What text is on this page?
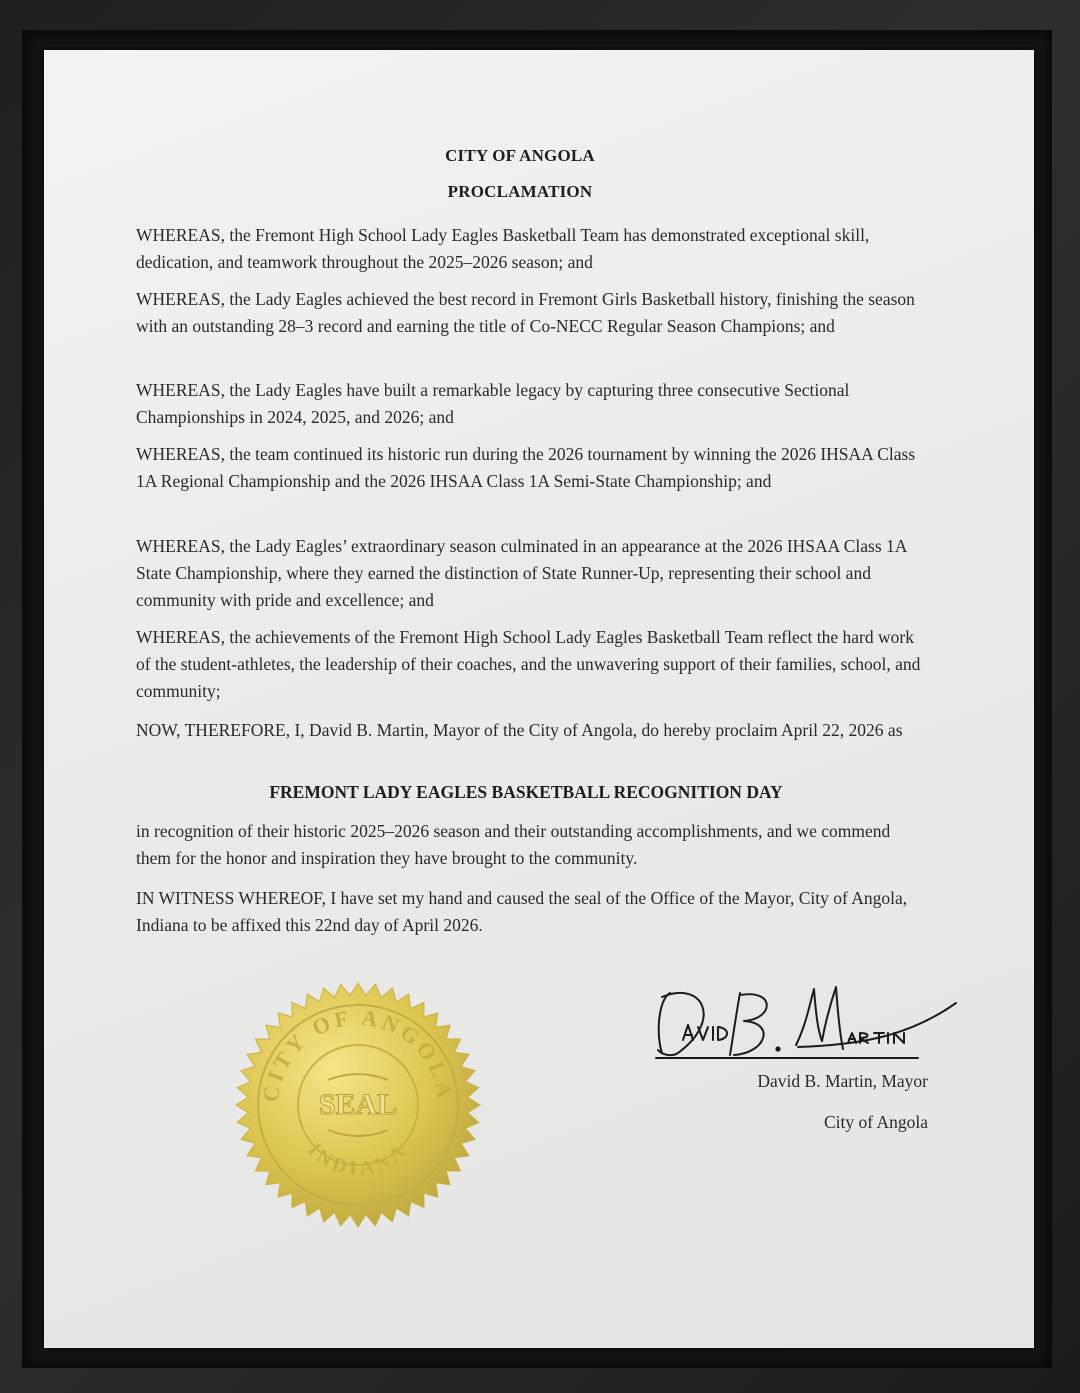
CITY OF ANGOLA
PROCLAMATION
WHEREAS, the Fremont High School Lady Eagles Basketball Team has demonstrated exceptional skill, dedication, and teamwork throughout the 2025–2026 season; and
WHEREAS, the Lady Eagles achieved the best record in Fremont Girls Basketball history, finishing the season with an outstanding 28–3 record and earning the title of Co-NECC Regular Season Champions; and
WHEREAS, the Lady Eagles have built a remarkable legacy by capturing three consecutive Sectional Championships in 2024, 2025, and 2026; and
WHEREAS, the team continued its historic run during the 2026 tournament by winning the 2026 IHSAA Class 1A Regional Championship and the 2026 IHSAA Class 1A Semi-State Championship; and
WHEREAS, the Lady Eagles’ extraordinary season culminated in an appearance at the 2026 IHSAA Class 1A State Championship, where they earned the distinction of State Runner-Up, representing their school and community with pride and excellence; and
WHEREAS, the achievements of the Fremont High School Lady Eagles Basketball Team reflect the hard work of the student-athletes, the leadership of their coaches, and the unwavering support of their families, school, and community;
NOW, THEREFORE, I, David B. Martin, Mayor of the City of Angola, do hereby proclaim April 22, 2026 as
FREMONT LADY EAGLES BASKETBALL RECOGNITION DAY
in recognition of their historic 2025–2026 season and their outstanding accomplishments, and we commend them for the honor and inspiration they have brought to the community.
IN WITNESS WHEREOF, I have set my hand and caused the seal of the Office of the Mayor, City of Angola, Indiana to be affixed this 22nd day of April 2026.
CITY OF ANGOLA
INDIANA
SEAL
David B. Martin, Mayor
City of Angola
